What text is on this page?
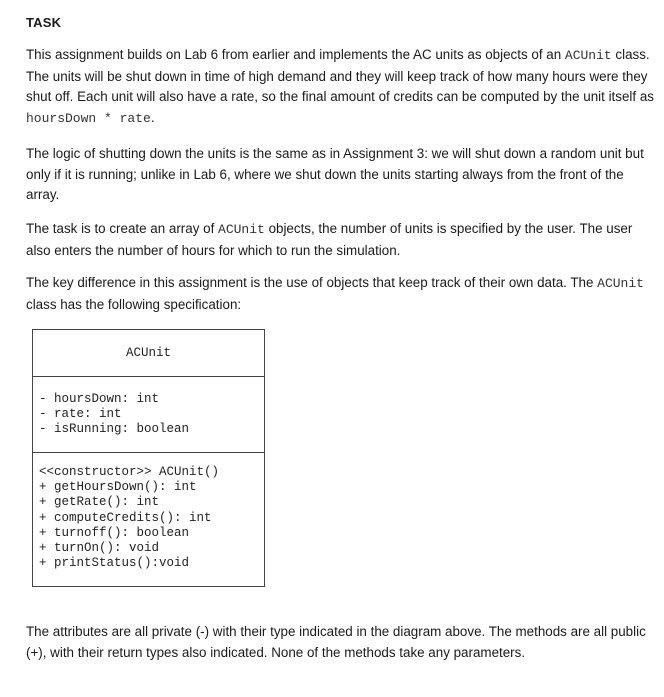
TASK

This assignment builds on Lab 6 from earlier and implements the AC units as objects of an ACUnit class. The units will be shut down in time of high demand and they will keep track of how many hours were they shut off. Each unit will also have a rate, so the final amount of credits can be computed by the unit itself as hoursDown * rate.

The logic of shutting down the units is the same as in Assignment 3: we will shut down a random unit but only if it is running; unlike in Lab 6, where we shut down the units starting always from the front of the array.

The task is to create an array of ACUnit objects, the number of units is specified by the user. The user also enters the number of hours for which to run the simulation.

The key difference in this assignment is the use of objects that keep track of their own data. The ACUnit class has the following specification:

ACUnit
- hoursDown: int
- rate: int
- isRunning: boolean
<<constructor>> ACUnit()
+ getHoursDown(): int
+ getRate(): int
+ computeCredits(): int
+ turnoff(): boolean
+ turnOn(): void
+ printStatus():void

The attributes are all private (-) with their type indicated in the diagram above. The methods are all public (+), with their return types also indicated. None of the methods take any parameters.
